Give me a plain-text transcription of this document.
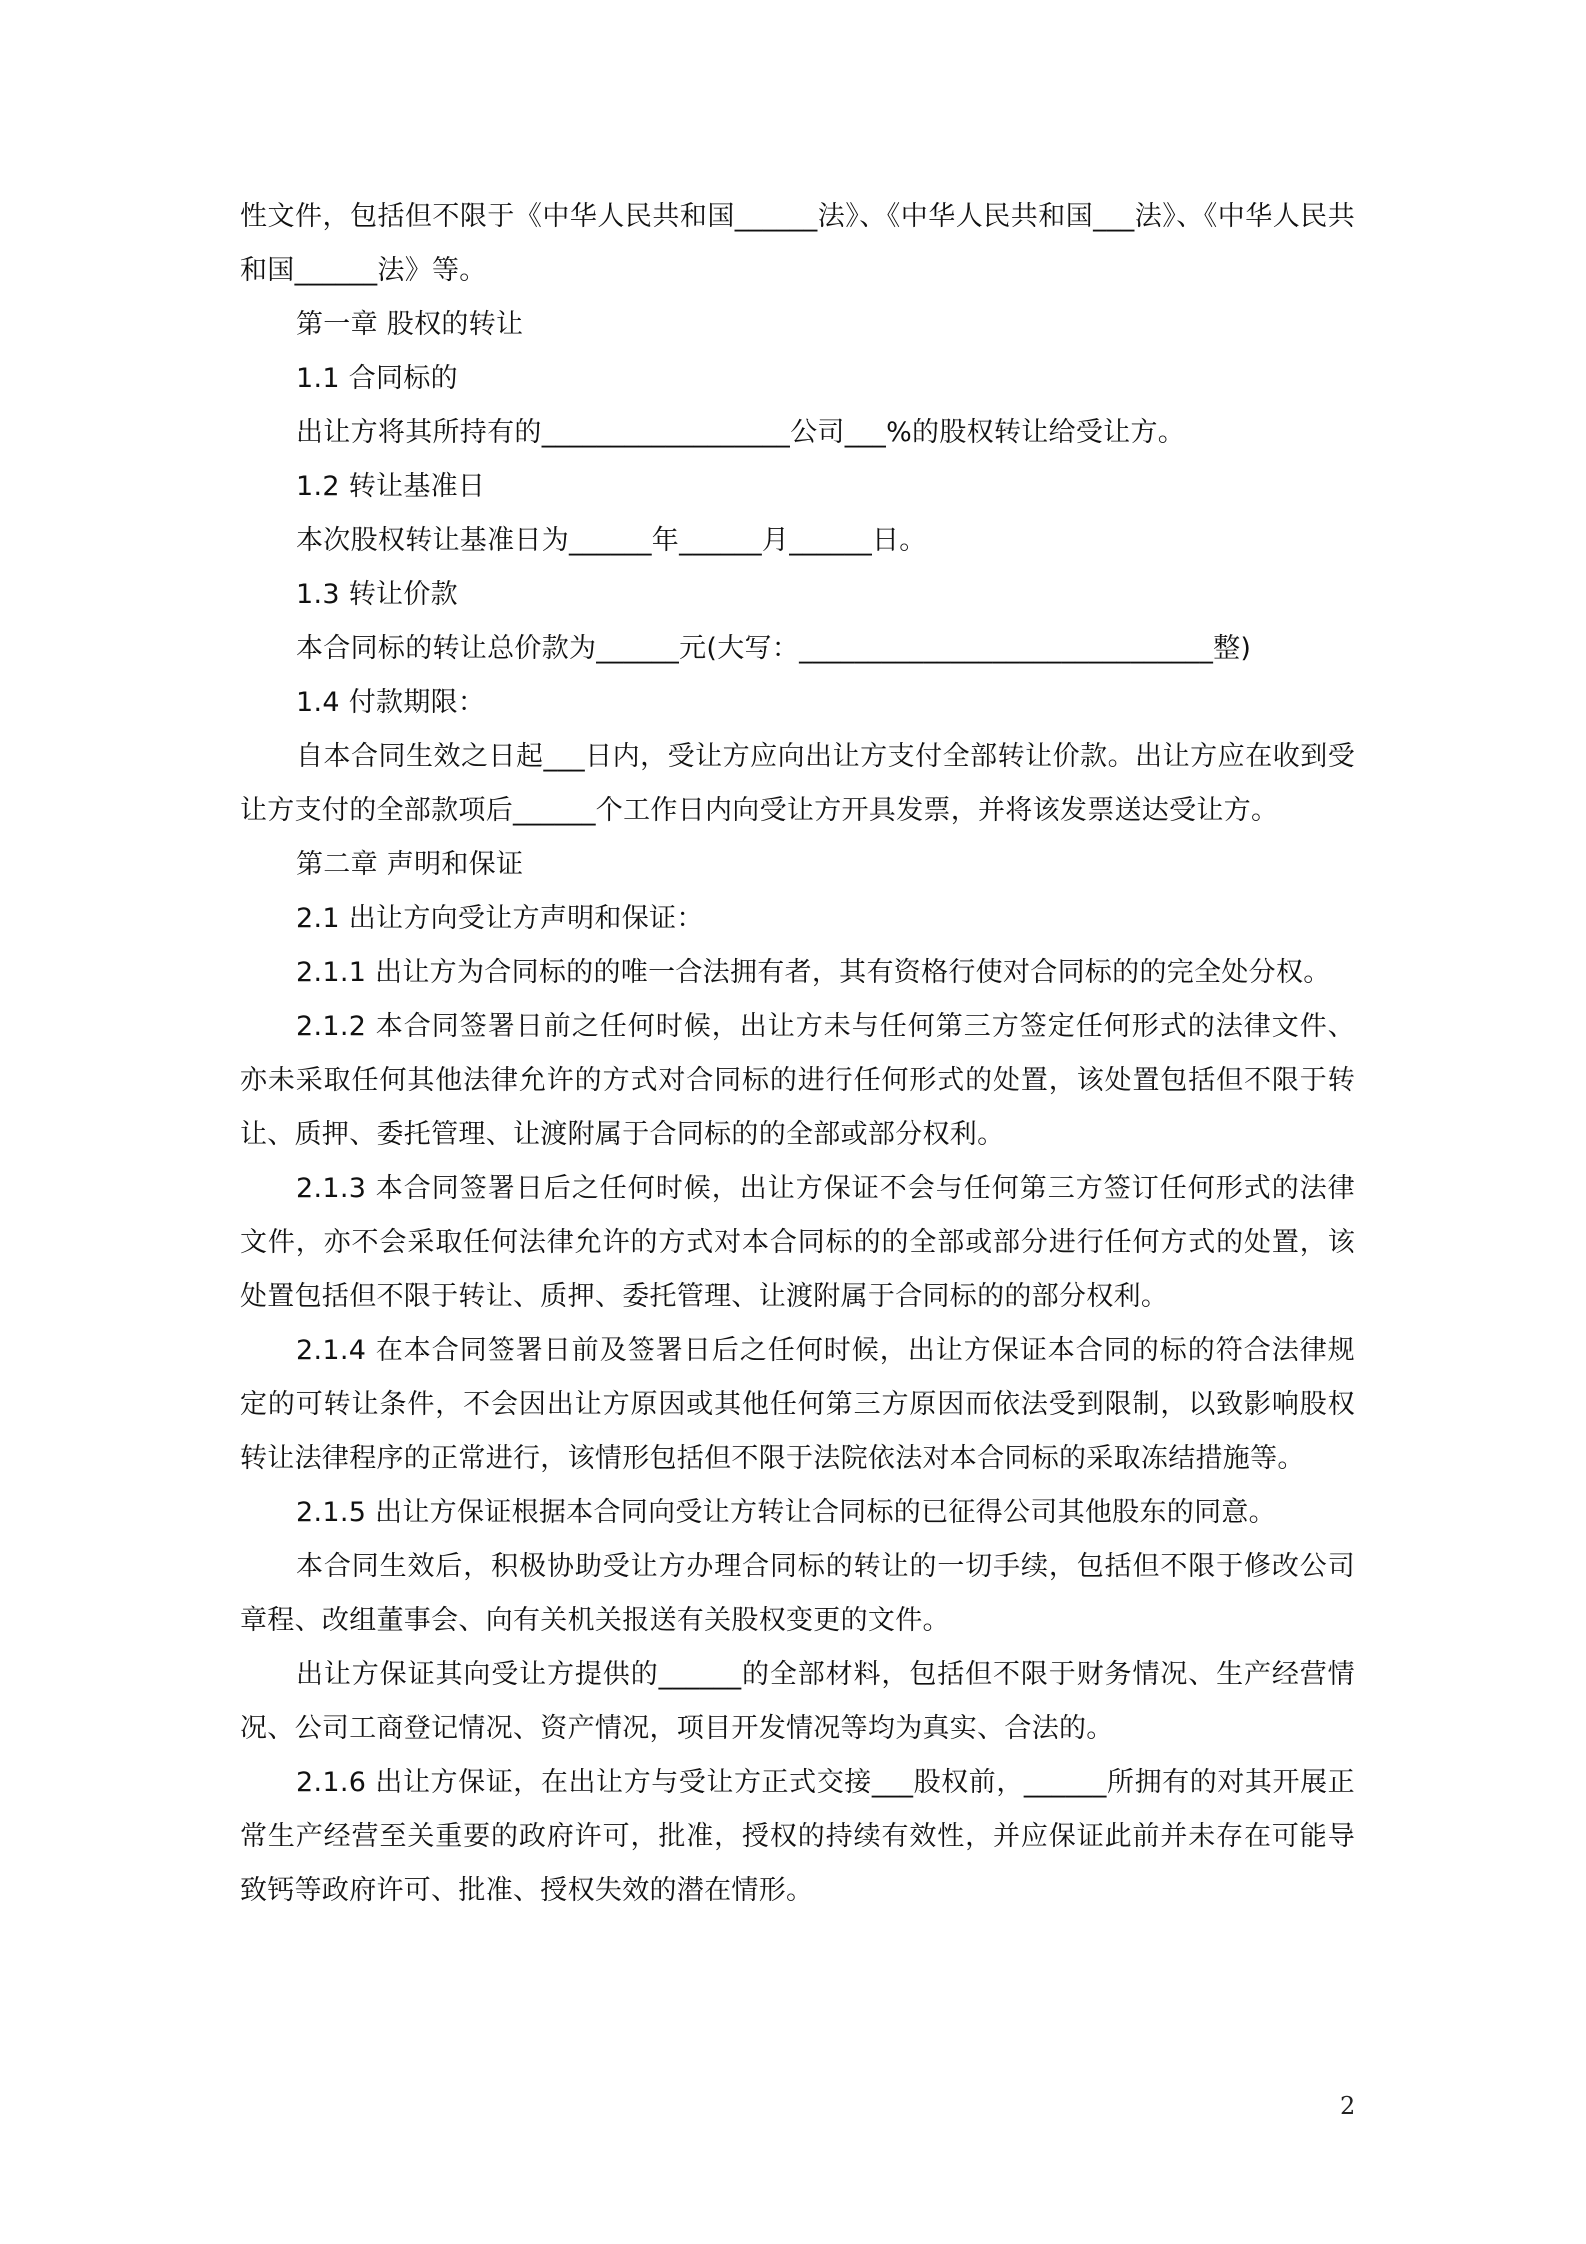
性文件，包括但不限于《中华人民共和国______法》、《中华人民共和国___法》、《中华人民共和国______法》等。

第一章 股权的转让

1.1 合同标的

出让方将其所持有的__________________公司___%的股权转让给受让方。

1.2 转让基准日

本次股权转让基准日为______年______月______日。

1.3 转让价款

本合同标的转让总价款为______元(大写：______________________________整)

1.4 付款期限：

自本合同生效之日起___日内，受让方应向出让方支付全部转让价款。出让方应在收到受让方支付的全部款项后______个工作日内向受让方开具发票，并将该发票送达受让方。

第二章 声明和保证

2.1 出让方向受让方声明和保证：

2.1.1 出让方为合同标的的唯一合法拥有者，其有资格行使对合同标的的完全处分权。

2.1.2 本合同签署日前之任何时候，出让方未与任何第三方签定任何形式的法律文件、亦未采取任何其他法律允许的方式对合同标的进行任何形式的处置，该处置包括但不限于转让、质押、委托管理、让渡附属于合同标的的全部或部分权利。

2.1.3 本合同签署日后之任何时候，出让方保证不会与任何第三方签订任何形式的法律文件，亦不会采取任何法律允许的方式对本合同标的的全部或部分进行任何方式的处置，该处置包括但不限于转让、质押、委托管理、让渡附属于合同标的的部分权利。

2.1.4 在本合同签署日前及签署日后之任何时候，出让方保证本合同的标的符合法律规定的可转让条件，不会因出让方原因或其他任何第三方原因而依法受到限制，以致影响股权转让法律程序的正常进行，该情形包括但不限于法院依法对本合同标的采取冻结措施等。

2.1.5 出让方保证根据本合同向受让方转让合同标的已征得公司其他股东的同意。

本合同生效后，积极协助受让方办理合同标的转让的一切手续，包括但不限于修改公司章程、改组董事会、向有关机关报送有关股权变更的文件。

出让方保证其向受让方提供的______的全部材料，包括但不限于财务情况、生产经营情况、公司工商登记情况、资产情况，项目开发情况等均为真实、合法的。

2.1.6 出让方保证，在出让方与受让方正式交接___股权前，______所拥有的对其开展正常生产经营至关重要的政府许可，批准，授权的持续有效性，并应保证此前并未存在可能导致钙等政府许可、批准、授权失效的潜在情形。

2
